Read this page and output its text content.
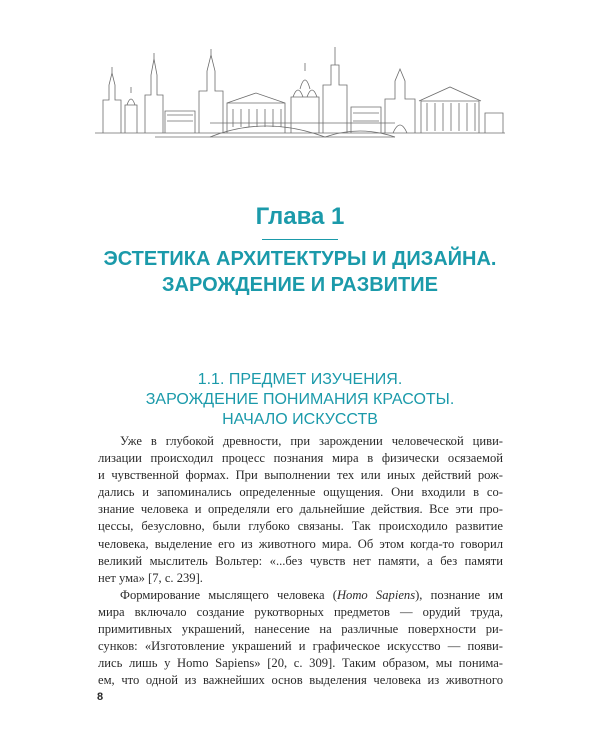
Глава 1
ЭСТЕТИКА АРХИТЕКТУРЫ И ДИЗАЙНА.
ЗАРОЖДЕНИЕ И РАЗВИТИЕ
1.1. ПРЕДМЕТ ИЗУЧЕНИЯ.
ЗАРОЖДЕНИЕ ПОНИМАНИЯ КРАСОТЫ.
НАЧАЛО ИСКУССТВ
Уже в глубокой древности, при зарождении человеческой циви-
лизации происходил процесс познания мира в физически осязаемой
и чувственной формах. При выполнении тех или иных действий рож-
дались и запоминались определенные ощущения. Они входили в со-
знание человека и определяли его дальнейшие действия. Все эти про-
цессы, безусловно, были глубоко связаны. Так происходило развитие
человека, выделение его из животного мира. Об этом когда-то говорил
великий мыслитель Вольтер: «...без чувств нет памяти, а без памяти
нет ума» [7, с. 239].
Формирование мыслящего человека (Homo Sapiens), познание им
мира включало создание рукотворных предметов — орудий труда,
примитивных украшений, нанесение на различные поверхности ри-
сунков: «Изготовление украшений и графическое искусство — появи-
лись лишь у Homo Sapiens» [20, с. 309]. Таким образом, мы понима-
ем, что одной из важнейших основ выделения человека из животного
8
